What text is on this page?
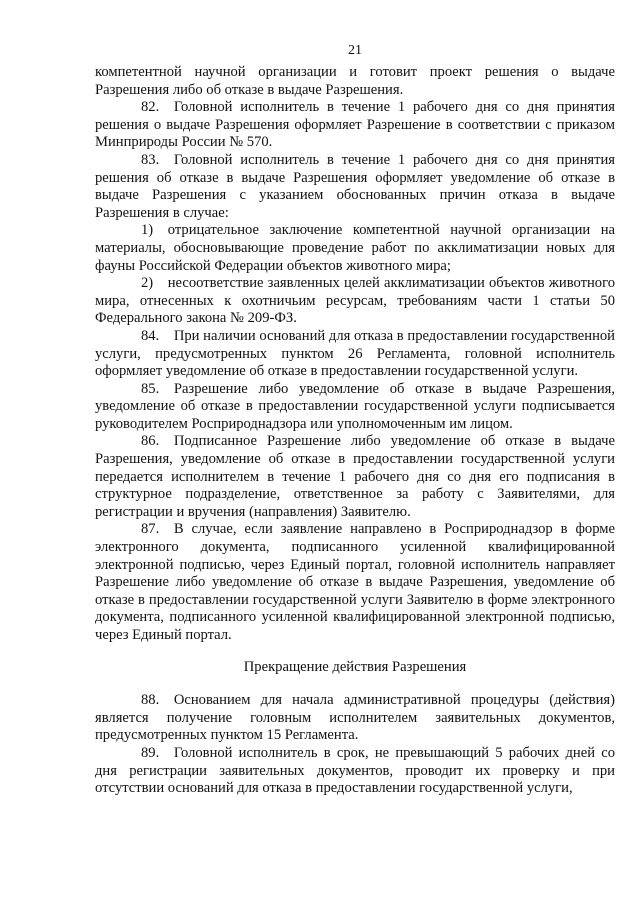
21

компетентной научной организации и готовит проект решения о выдаче Разрешения либо об отказе в выдаче Разрешения.

82. Головной исполнитель в течение 1 рабочего дня со дня принятия решения о выдаче Разрешения оформляет Разрешение в соответствии с приказом Минприроды России № 570.

83. Головной исполнитель в течение 1 рабочего дня со дня принятия решения об отказе в выдаче Разрешения оформляет уведомление об отказе в выдаче Разрешения с указанием обоснованных причин отказа в выдаче Разрешения в случае:

1) отрицательное заключение компетентной научной организации на материалы, обосновывающие проведение работ по акклиматизации новых для фауны Российской Федерации объектов животного мира;

2) несоответствие заявленных целей акклиматизации объектов животного мира, отнесенных к охотничьим ресурсам, требованиям части 1 статьи 50 Федерального закона № 209-ФЗ.

84. При наличии оснований для отказа в предоставлении государственной услуги, предусмотренных пунктом 26 Регламента, головной исполнитель оформляет уведомление об отказе в предоставлении государственной услуги.

85. Разрешение либо уведомление об отказе в выдаче Разрешения, уведомление об отказе в предоставлении государственной услуги подписывается руководителем Росприроднадзора или уполномоченным им лицом.

86. Подписанное Разрешение либо уведомление об отказе в выдаче Разрешения, уведомление об отказе в предоставлении государственной услуги передается исполнителем в течение 1 рабочего дня со дня его подписания в структурное подразделение, ответственное за работу с Заявителями, для регистрации и вручения (направления) Заявителю.

87. В случае, если заявление направлено в Росприроднадзор в форме электронного документа, подписанного усиленной квалифицированной электронной подписью, через Единый портал, головной исполнитель направляет Разрешение либо уведомление об отказе в выдаче Разрешения, уведомление об отказе в предоставлении государственной услуги Заявителю в форме электронного документа, подписанного усиленной квалифицированной электронной подписью, через Единый портал.

Прекращение действия Разрешения

88. Основанием для начала административной процедуры (действия) является получение головным исполнителем заявительных документов, предусмотренных пунктом 15 Регламента.

89. Головной исполнитель в срок, не превышающий 5 рабочих дней со дня регистрации заявительных документов, проводит их проверку и при отсутствии оснований для отказа в предоставлении государственной услуги,
